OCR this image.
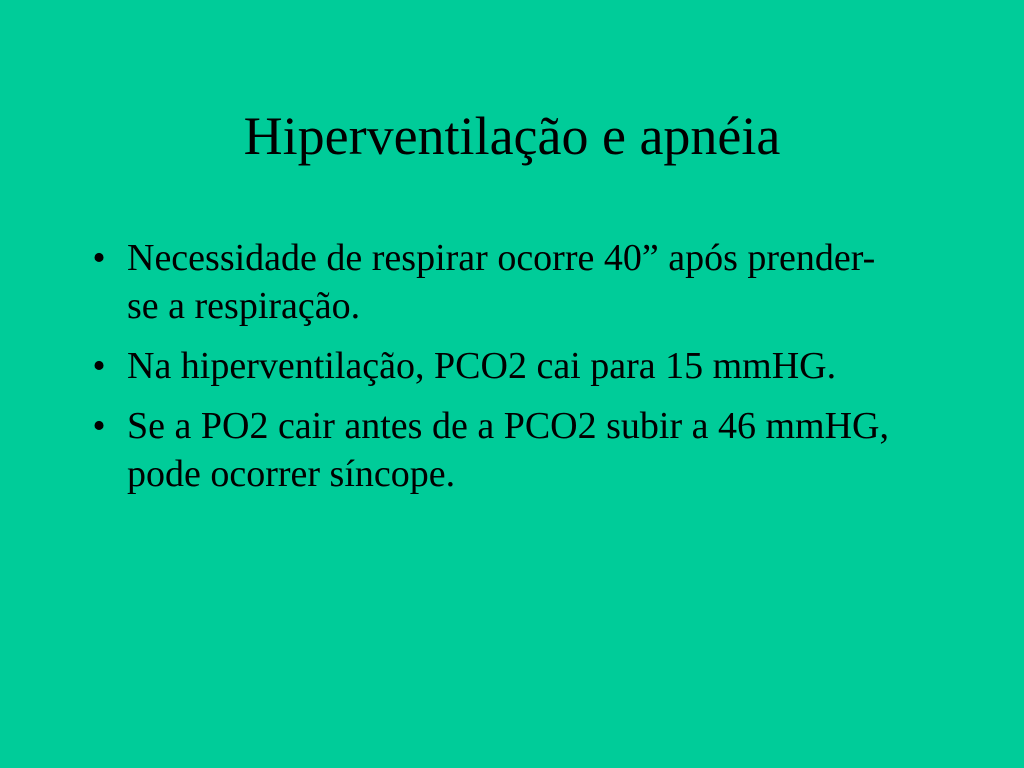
Hiperventilação e apnéia
• Necessidade de respirar ocorre 40” após prender-se a respiração.
• Na hiperventilação, PCO2 cai para 15 mmHG.
• Se a PO2 cair antes de a PCO2 subir a 46 mmHG, pode ocorrer síncope.
